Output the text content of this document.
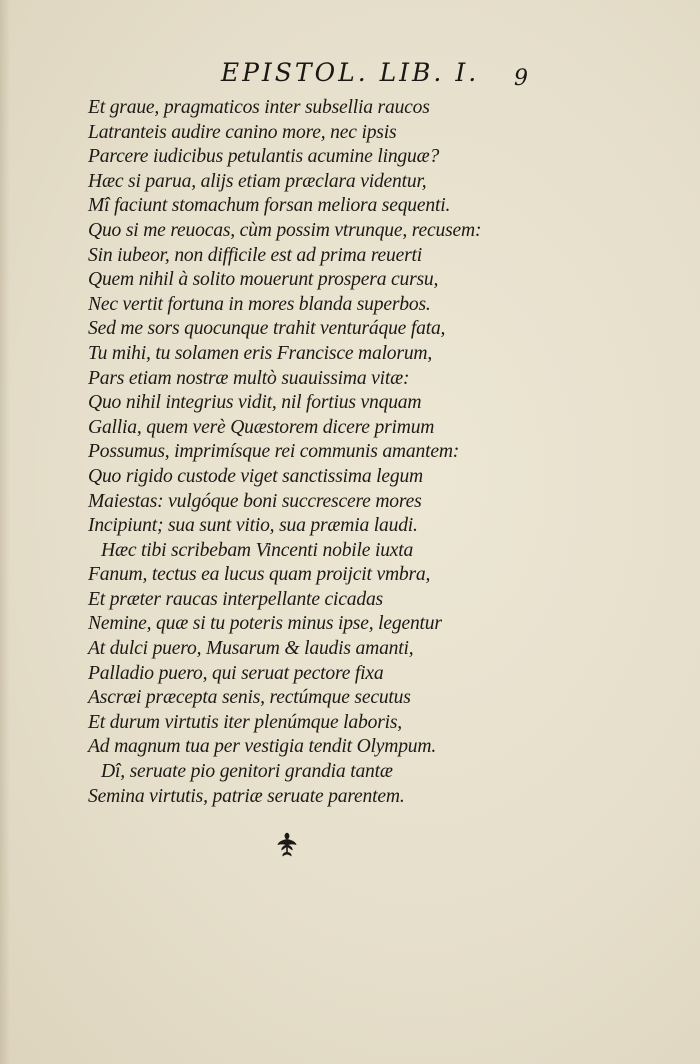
EPISTOL. LIB. I.	9
Et graue, pragmaticos inter subsellia raucos
Latranteis audire canino more, nec ipsis
Parcere iudicibus petulantis acumine linguæ?
Hæc si parua, alijs etiam præclara videntur,
Mî faciunt stomachum forsan meliora sequenti.
Quo si me reuocas, cùm possim vtrunque, recusem:
Sin iubeor, non difficile est ad prima reuerti
Quem nihil à solito mouerunt prospera cursu,
Nec vertit fortuna in mores blanda superbos.
Sed me sors quocunque trahit venturáque fata,
Tu mihi, tu solamen eris Francisce malorum,
Pars etiam nostræ multò suauissima vitæ:
Quo nihil integrius vidit, nil fortius vnquam
Gallia, quem verè Quæstorem dicere primum
Possumus, imprimísque rei communis amantem:
Quo rigido custode viget sanctissima legum
Maiestas: vulgóque boni succrescere mores
Incipiunt; sua sunt vitio, sua præmia laudi.
Hæc tibi scribebam Vincenti nobile iuxta
Fanum, tectus ea lucus quam proijcit vmbra,
Et præter raucas interpellante cicadas
Nemine, quæ si tu poteris minus ipse, legentur
At dulci puero, Musarum & laudis amanti,
Palladio puero, qui seruat pectore fixa
Ascræi præcepta senis, rectúmque secutus
Et durum virtutis iter plenúmque laboris,
Ad magnum tua per vestigia tendit Olympum.
Dî, seruate pio genitori grandia tantæ
Semina virtutis, patriæ seruate parentem.
